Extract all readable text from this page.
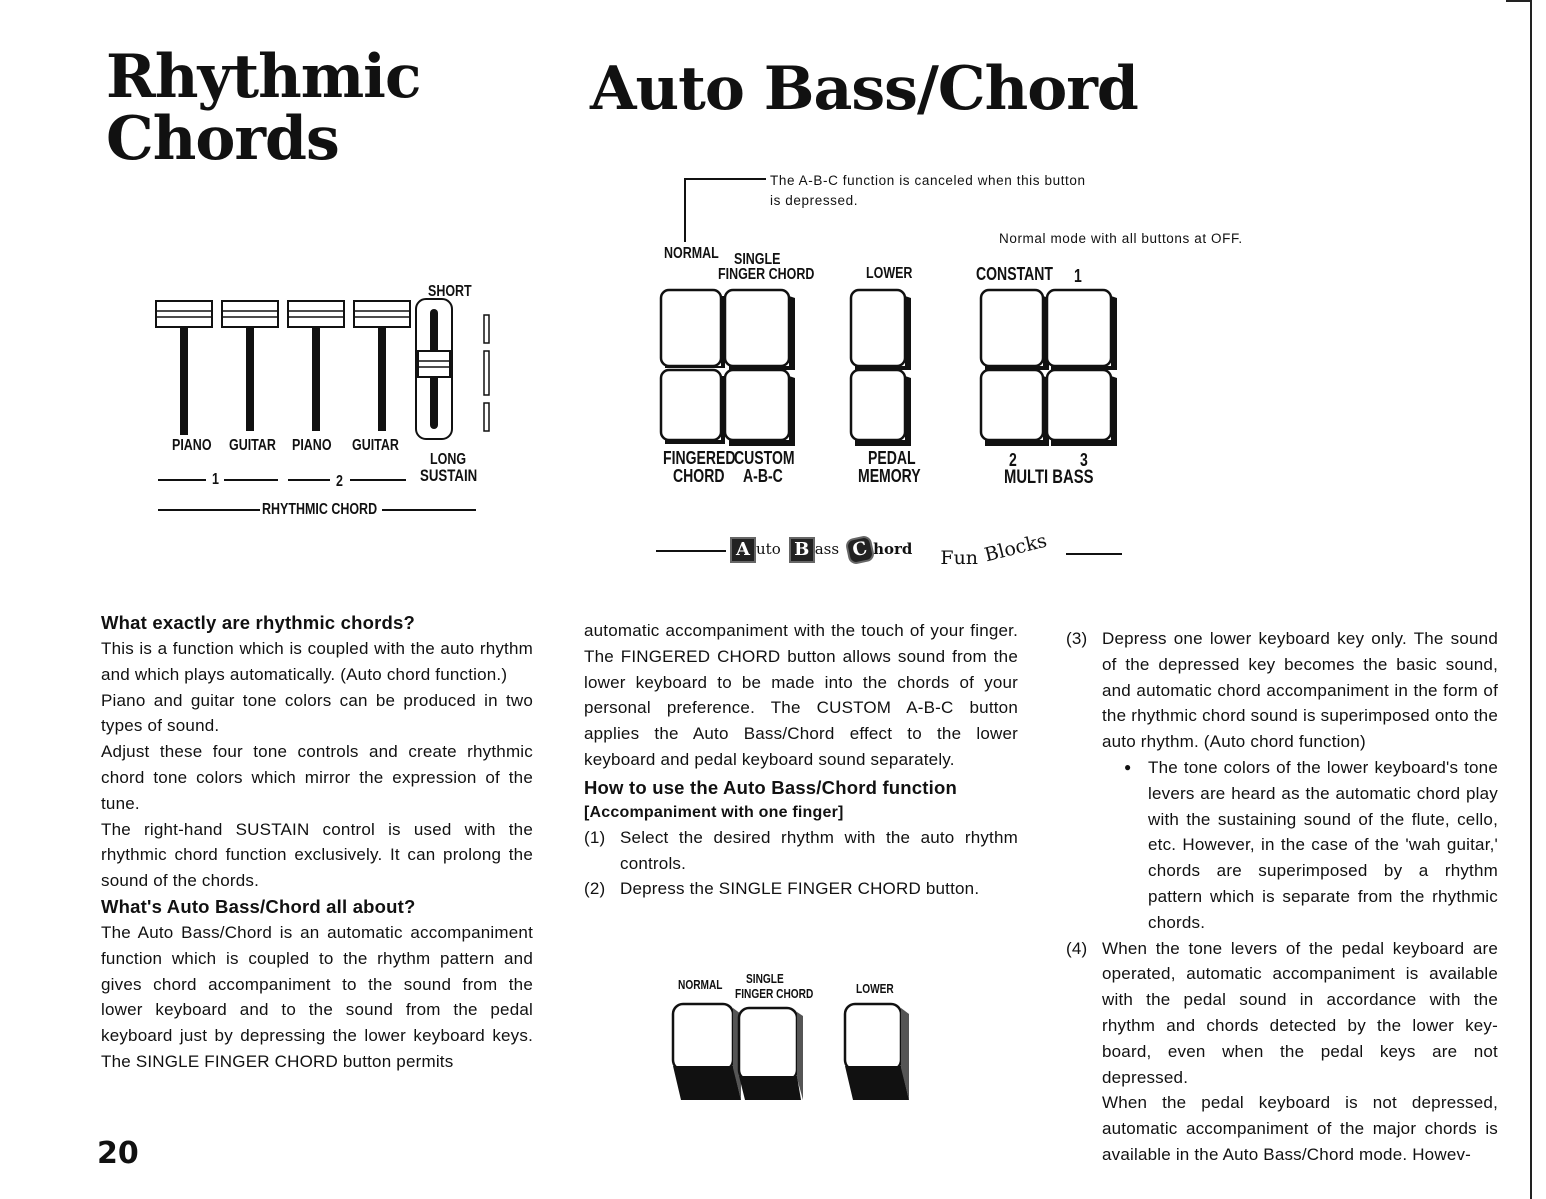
Rhythmic
Chords
Auto Bass/Chord
SHORT
PIANO GUITAR PIANO GUITAR
LONG
SUSTAIN
1	2
RHYTHMIC CHORD
The A-B-C function is canceled when this button is depressed.
Normal mode with all buttons at OFF.
NORMAL SINGLE
FINGER CHORD	LOWER	CONSTANT 1
FINGERED
CHORD
CUSTOM
A-B-C
PEDAL
MEMORY
2	3
MULTI BASS
A uto B ass C hord Fun Blocks
What exactly are rhythmic chords?

This is a function which is coupled with the auto rhythm and which plays automatically. (Auto chord function.)

Piano and guitar tone colors can be produced in two types of sound.

Adjust these four tone controls and create rhythmic chord tone colors which mirror the expression of the tune.

The right-hand SUSTAIN control is used with the rhythmic chord function exclusively. It can prolong the sound of the chords.

What's Auto Bass/Chord all about?

The Auto Bass/Chord is an automatic accompaniment function which is coupled to the rhythm pattern and gives chord accompaniment to the sound from the lower keyboard and to the sound from the pedal keyboard just by depressing the lower keyboard keys. The SINGLE FINGER CHORD button permits

automatic accompaniment with the touch of your finger. The FINGERED CHORD button allows sound from the lower keyboard to be made into the chords of your personal preference. The CUSTOM A-B-C button applies the Auto Bass/Chord effect to the lower keyboard and pedal keyboard sound separately.

How to use the Auto Bass/Chord function
[Accompaniment with one finger]
(1) Select the desired rhythm with the auto rhythm controls.
(2) Depress the SINGLE FINGER CHORD button.
NORMAL SINGLE
FINGER CHORD	LOWER
(3) Depress one lower keyboard key only. The sound of the depressed key becomes the basic sound, and automatic chord accompaniment in the form of the rhythmic chord sound is superimposed onto the auto rhythm. (Auto chord function)
● The tone colors of the lower keyboard's tone levers are heard as the automatic chord play with the sustaining sound of the flute, cello, etc. However, in the case of the 'wah guitar,' chords are superimposed by a rhythm pattern which is separate from the rhythmic chords.
(4) When the tone levers of the pedal keyboard are operated, automatic accompaniment is available with the pedal sound in accordance with the rhythm and chords detected by the lower key-board, even when the pedal keys are not depressed.
When the pedal keyboard is not depressed, automatic accompaniment of the major chords is available in the Auto Bass/Chord mode. Howev-
20
